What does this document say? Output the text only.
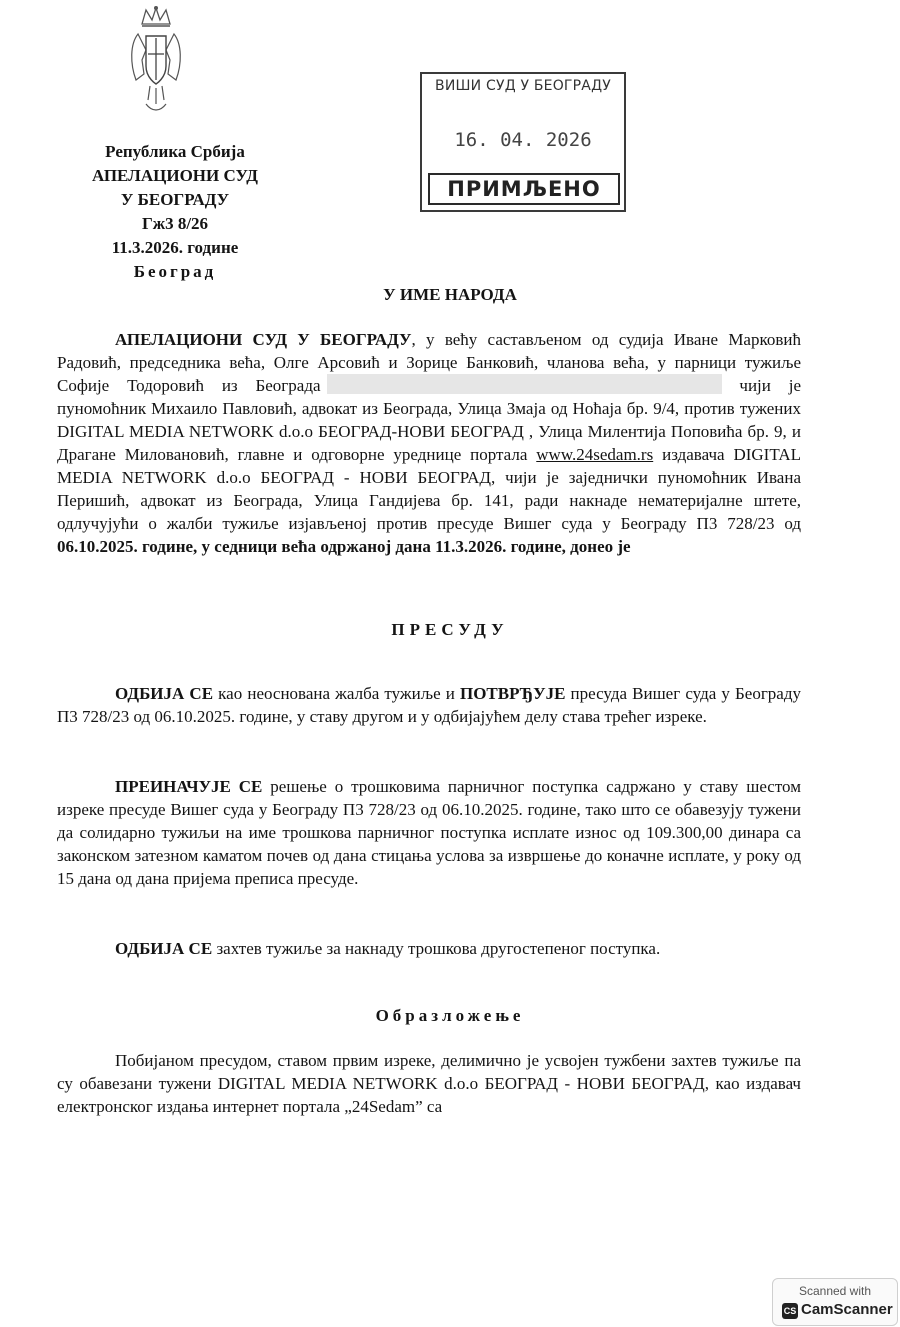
Република Србија
АПЕЛАЦИОНИ СУД
У БЕОГРАДУ
Гж3 8/26
11.3.2026. године
Београд
ВИШИ СУД У БЕОГРАДУ
16. 04. 2026
ПРИМЉЕНО
У ИМЕ НАРОДА

АПЕЛАЦИОНИ СУД У БЕОГРАДУ, у већу састављеном од судија Иване Марковић Радовић, председника већа, Олге Арсовић и Зорице Банковић, чланова већа, у парници тужиље Софије Тодоровић из Београда	чији је пуномоћник Михаило Павловић, адвокат из Београда, Улица Змаја од Ноћаја бр. 9/4, против тужених DIGITAL MEDIA NETWORK d.o.o БЕОГРАД-НОВИ БЕОГРАД , Улица Милентија Поповића бр. 9, и Драгане Миловановић, главне и одговорне уреднице портала www.24sedam.rs издавача DIGITAL MEDIA NETWORK d.o.o БЕОГРАД - НОВИ БЕОГРАД, чији је заједнички пуномоћник Ивана Перишић, адвокат из Београда, Улица Гандијева бр. 141, ради накнаде нематеријалне штете, одлучујући о жалби тужиље изјављеној против пресуде Вишег суда у Београду П3 728/23 од 06.10.2025. године, у седници већа одржаној дана 11.3.2026. године, донео је

ПРЕСУДУ

ОДБИЈА СЕ као неоснована жалба тужиље и ПОТВРЂУЈЕ пресуда Вишег суда у Београду П3 728/23 од 06.10.2025. године, у ставу другом и у одбијајућем делу става трећег изреке.

ПРЕИНАЧУЈЕ СЕ решење о трошковима парничног поступка садржано у ставу шестом изреке пресуде Вишег суда у Београду П3 728/23 од 06.10.2025. године, тако што се обавезују тужени да солидарно тужиљи на име трошкова парничног поступка исплате износ од 109.300,00 динара са законском затезном каматом почев од дана стицања услова за извршење до коначне исплате, у року од 15 дана од дана пријема преписа пресуде.

ОДБИЈА СЕ захтев тужиље за накнаду трошкова другостепеног поступка.

Образложење

Побијаном пресудом, ставом првим изреке, делимично је усвојен тужбени захтев тужиље па су обавезани тужени DIGITAL MEDIA NETWORK d.o.o БЕОГРАД - НОВИ БЕОГРАД, као издавач електронског издања интернет портала „24Sedam” са

Scanned with
CS CamScanner
